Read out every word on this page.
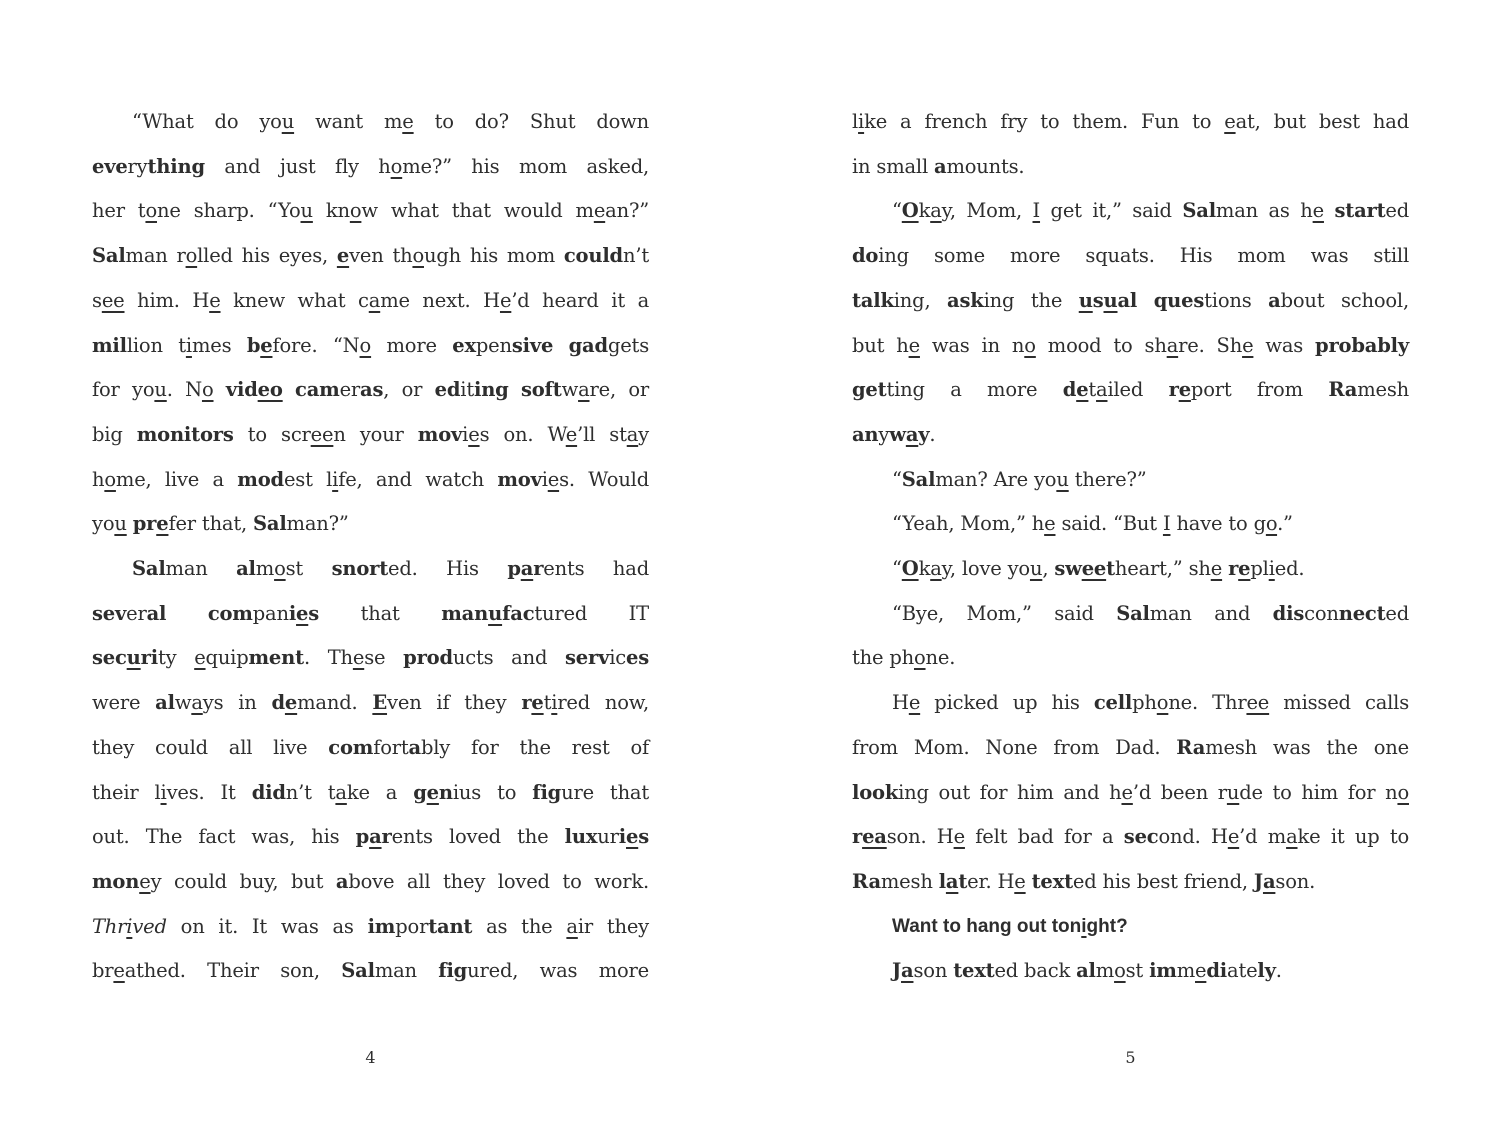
“What do you want me to do? Shut down
everything and just fly home?” his mom asked,
her tone sharp. “You know what that would mean?”
Salman rolled his eyes, even though his mom couldn’t
see him. He knew what came next. He’d heard it a
million times before. “No more expensive gadgets
for you. No video cameras, or editing software, or
big monitors to screen your movies on. We’ll stay
home, live a modest life, and watch movies. Would
you prefer that, Salman?”
Salman almost snorted. His parents had
several companies that manufactured IT
security equipment. These products and services
were always in demand. Even if they retired now,
they could all live comfortably for the rest of
their lives. It didn’t take a genius to figure that
out. The fact was, his parents loved the luxuries
money could buy, but above all they loved to work.
Thrived on it. It was as important as the air they
breathed. Their son, Salman figured, was more
like a french fry to them. Fun to eat, but best had
in small amounts.
“Okay, Mom, I get it,” said Salman as he started
doing some more squats. His mom was still
talking, asking the usual questions about school,
but he was in no mood to share. She was probably
getting a more detailed report from Ramesh
anyway.
“Salman? Are you there?”
“Yeah, Mom,” he said. “But I have to go.”
“Okay, love you, sweetheart,” she replied.
“Bye, Mom,” said Salman and disconnected
the phone.
He picked up his cellphone. Three missed calls
from Mom. None from Dad. Ramesh was the one
looking out for him and he’d been rude to him for no
reason. He felt bad for a second. He’d make it up to
Ramesh later. He texted his best friend, Jason.
Want to hang out tonight?
Jason texted back almost immediately.
4	5
